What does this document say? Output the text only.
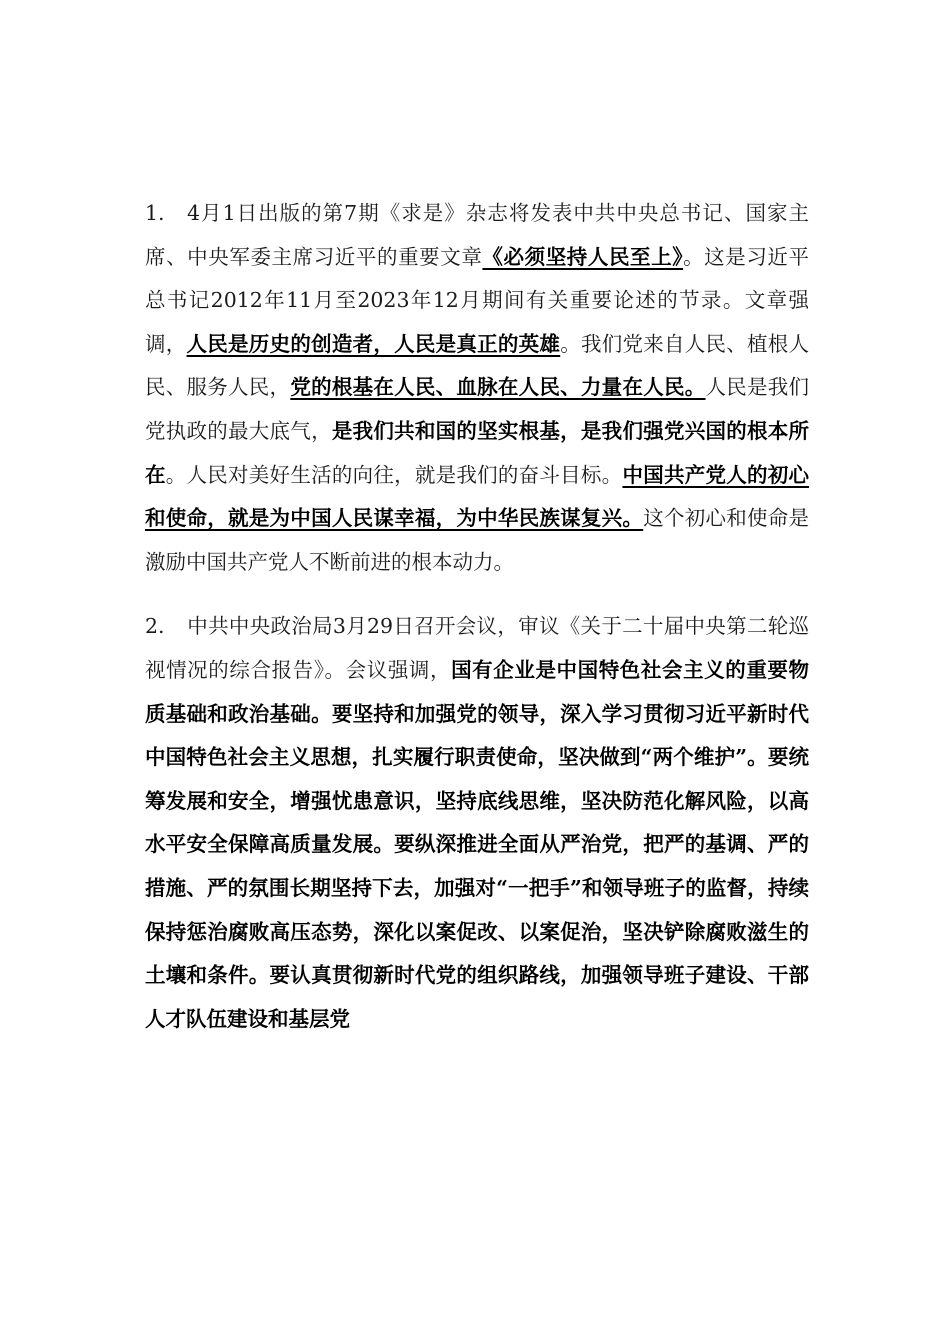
1. 4月1日出版的第7期《求是》杂志将发表中共中央总书记、国家主席、中央军委主席习近平的重要文章《必须坚持人民至上》。这是习近平总书记2012年11月至2023年12月期间有关重要论述的节录。文章强调，人民是历史的创造者，人民是真正的英雄。我们党来自人民、植根人民、服务人民，党的根基在人民、血脉在人民、力量在人民。人民是我们党执政的最大底气，是我们共和国的坚实根基，是我们强党兴国的根本所在。人民对美好生活的向往，就是我们的奋斗目标。中国共产党人的初心和使命，就是为中国人民谋幸福，为中华民族谋复兴。这个初心和使命是激励中国共产党人不断前进的根本动力。

2. 中共中央政治局3月29日召开会议，审议《关于二十届中央第二轮巡视情况的综合报告》。会议强调，国有企业是中国特色社会主义的重要物质基础和政治基础。要坚持和加强党的领导，深入学习贯彻习近平新时代中国特色社会主义思想，扎实履行职责使命，坚决做到“两个维护”。要统筹发展和安全，增强忧患意识，坚持底线思维，坚决防范化解风险，以高水平安全保障高质量发展。要纵深推进全面从严治党，把严的基调、严的措施、严的氛围长期坚持下去，加强对“一把手”和领导班子的监督，持续保持惩治腐败高压态势，深化以案促改、以案促治，坚决铲除腐败滋生的土壤和条件。要认真贯彻新时代党的组织路线，加强领导班子建设、干部人才队伍建设和基层党
